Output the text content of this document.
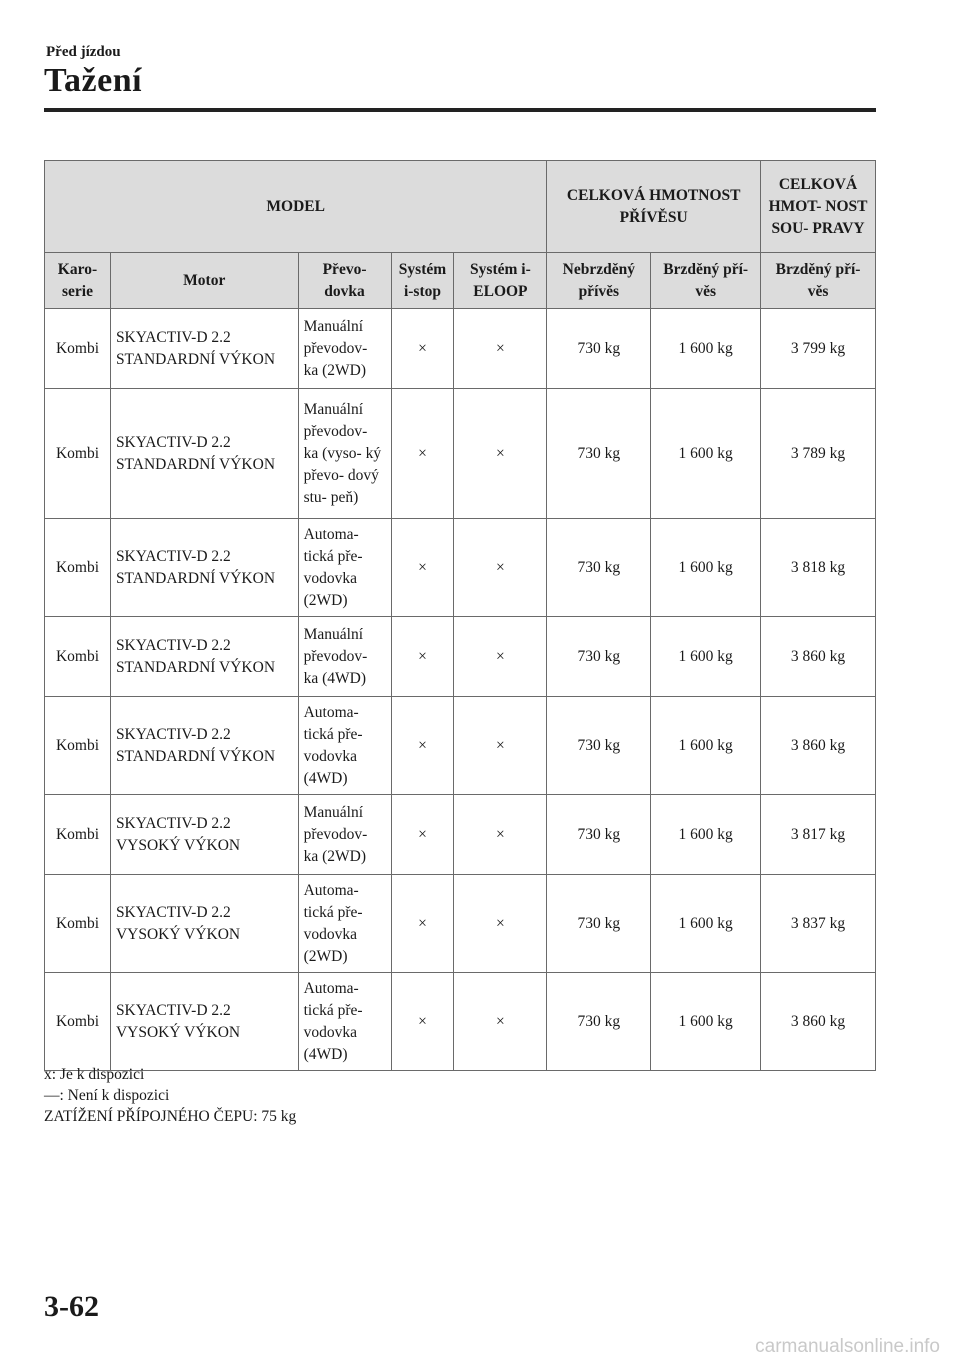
Před jízdou
Tažení
MODEL					CELKOVÁ HMOTNOST PŘÍVĚSU		CELKOVÁ HMOT- NOST SOU- PRAVY
Karo- serie	Motor	Převo- dovka	Systém i-stop	Systém i-ELOOP	Nebrzděný přívěs	Brzděný pří- věs	Brzděný pří- věs
Kombi	SKYACTIV-D 2.2 STANDARDNÍ VÝKON	Manuální převodov- ka (2WD)	×	×	730 kg	1 600 kg	3 799 kg
Kombi	SKYACTIV-D 2.2 STANDARDNÍ VÝKON	Manuální převodov- ka (vyso- ký převo- dový stu- peň)	×	×	730 kg	1 600 kg	3 789 kg
Kombi	SKYACTIV-D 2.2 STANDARDNÍ VÝKON	Automa- tická pře- vodovka (2WD)	×	×	730 kg	1 600 kg	3 818 kg
Kombi	SKYACTIV-D 2.2 STANDARDNÍ VÝKON	Manuální převodov- ka (4WD)	×	×	730 kg	1 600 kg	3 860 kg
Kombi	SKYACTIV-D 2.2 STANDARDNÍ VÝKON	Automa- tická pře- vodovka (4WD)	×	×	730 kg	1 600 kg	3 860 kg
Kombi	SKYACTIV-D 2.2 VYSOKÝ VÝKON	Manuální převodov- ka (2WD)	×	×	730 kg	1 600 kg	3 817 kg
Kombi	SKYACTIV-D 2.2 VYSOKÝ VÝKON	Automa- tická pře- vodovka (2WD)	×	×	730 kg	1 600 kg	3 837 kg
Kombi	SKYACTIV-D 2.2 VYSOKÝ VÝKON	Automa- tická pře- vodovka (4WD)	×	×	730 kg	1 600 kg	3 860 kg
x: Je k dispozici
―: Není k dispozici
ZATÍŽENÍ PŘÍPOJNÉHO ČEPU: 75 kg
3-62
carmanualsonline.info
